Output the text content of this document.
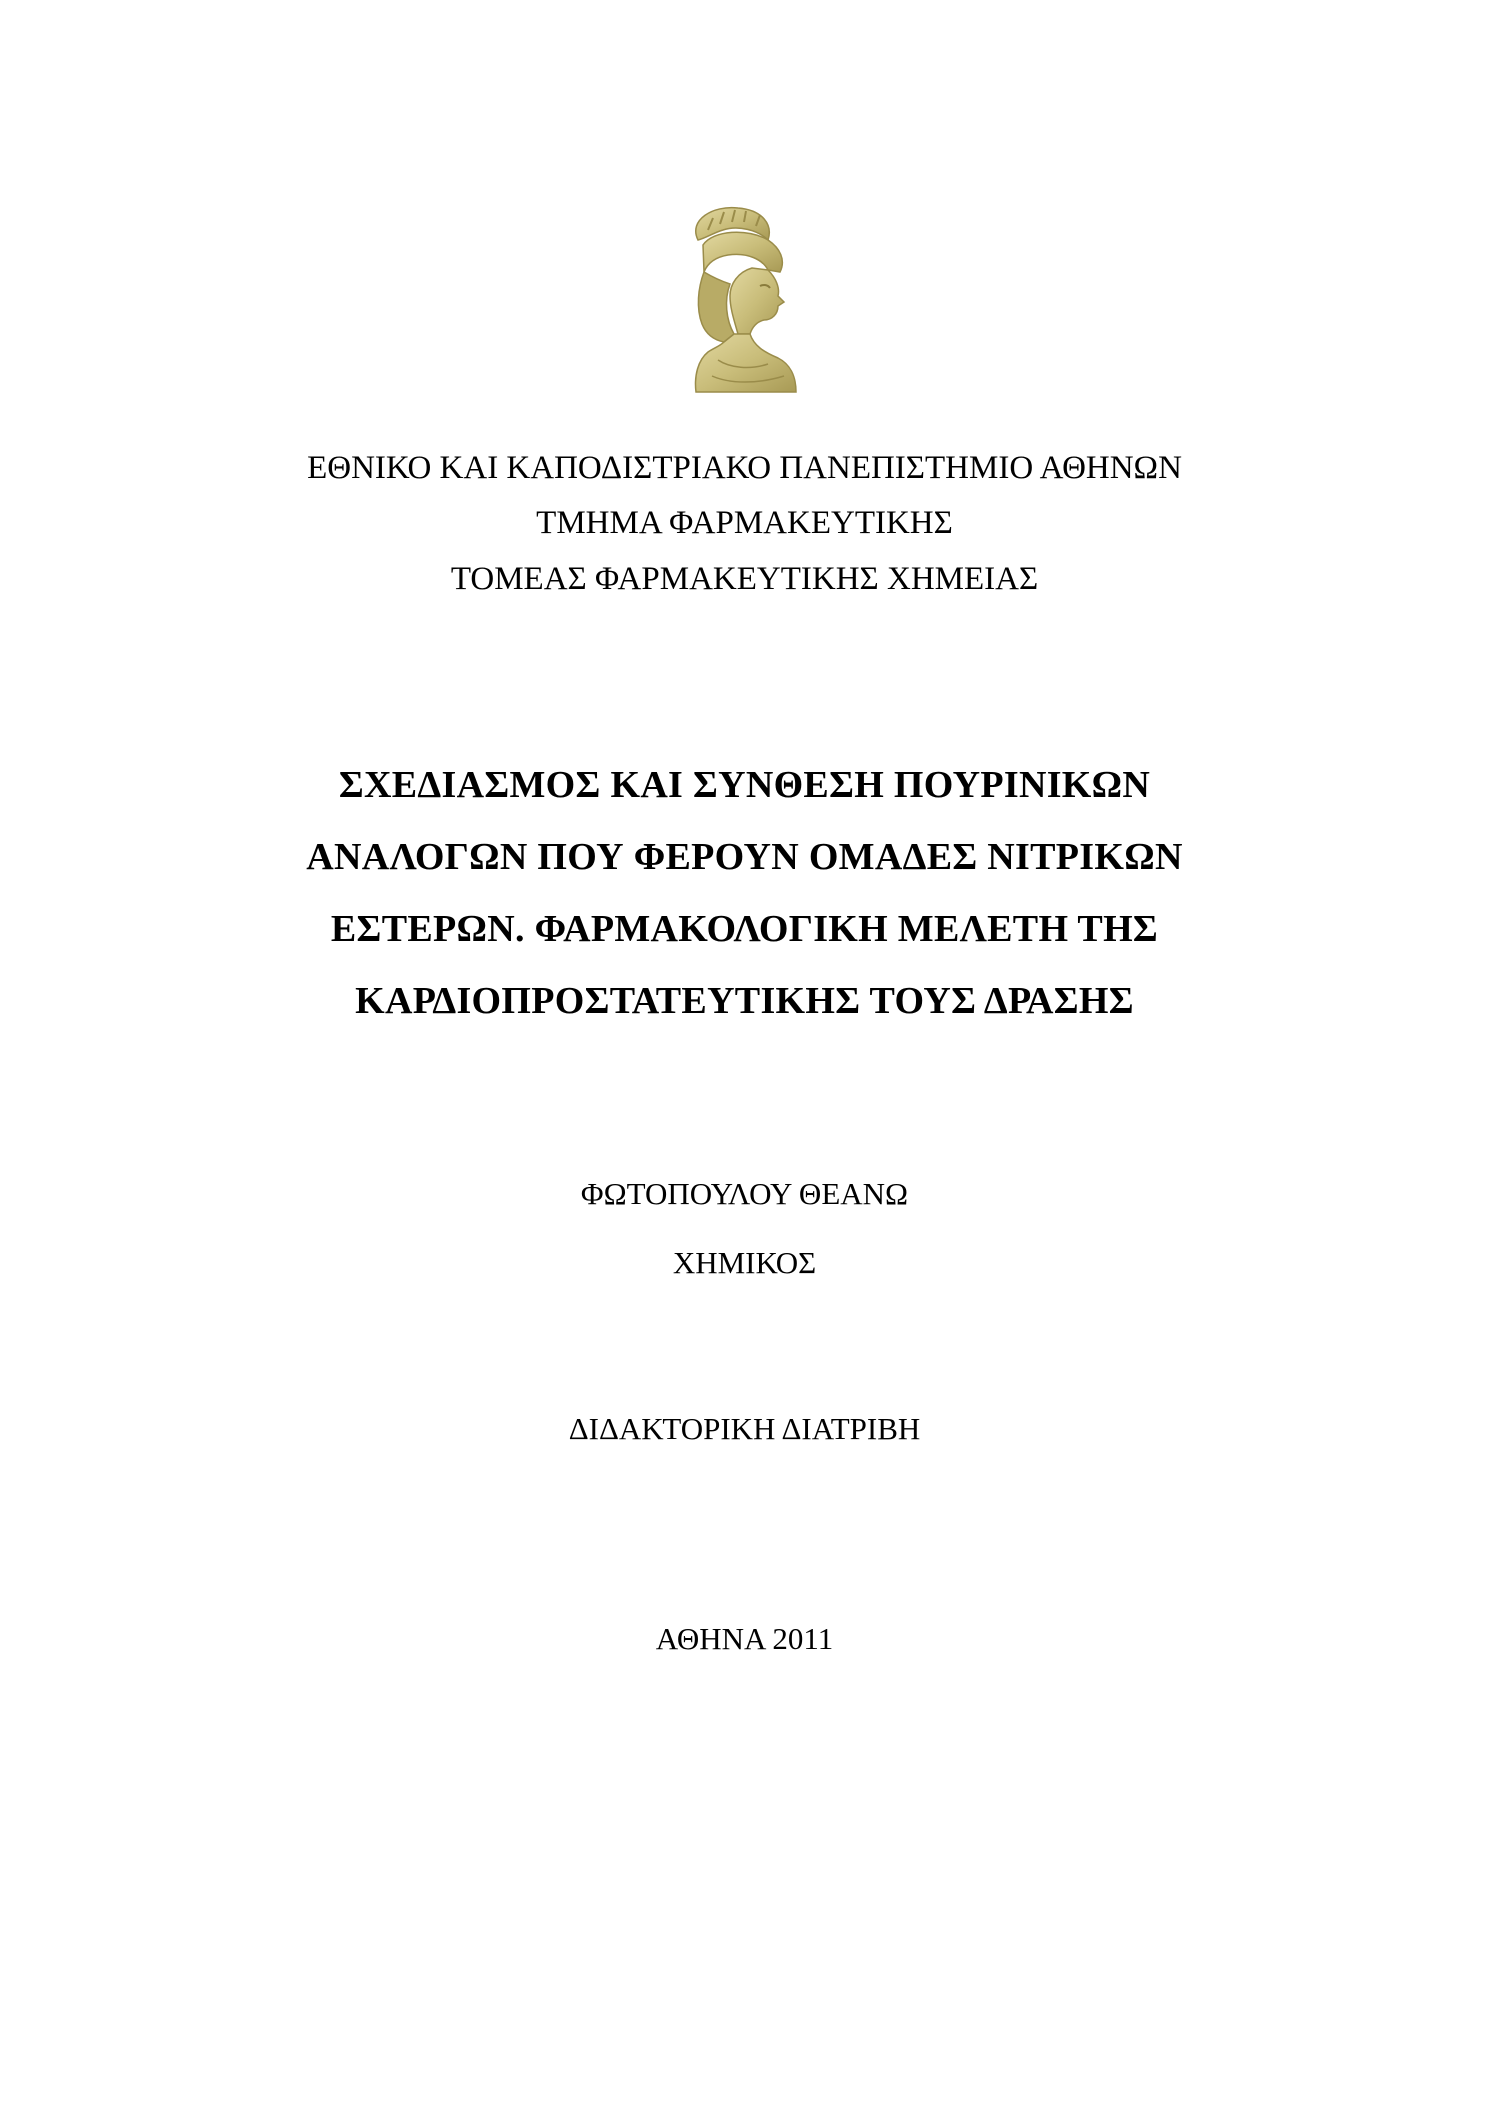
ΕΘΝΙΚΟ ΚΑΙ ΚΑΠΟΔΙΣΤΡΙΑΚΟ ΠΑΝΕΠΙΣΤΗΜΙΟ ΑΘΗΝΩΝ
ΤΜΗΜΑ ΦΑΡΜΑΚΕΥΤΙΚΗΣ
ΤΟΜΕΑΣ ΦΑΡΜΑΚΕΥΤΙΚΗΣ ΧΗΜΕΙΑΣ
ΣΧΕΔΙΑΣΜΟΣ ΚΑΙ ΣΥΝΘΕΣΗ ΠΟΥΡΙΝΙΚΩΝ
ΑΝΑΛΟΓΩΝ ΠΟΥ ΦΕΡΟΥΝ ΟΜΑΔΕΣ ΝΙΤΡΙΚΩΝ
ΕΣΤΕΡΩΝ. ΦΑΡΜΑΚΟΛΟΓΙΚΗ ΜΕΛΕΤΗ ΤΗΣ
ΚΑΡΔΙΟΠΡΟΣΤΑΤΕΥΤΙΚΗΣ ΤΟΥΣ ΔΡΑΣΗΣ
ΦΩΤΟΠΟΥΛΟΥ ΘΕΑΝΩ
ΧΗΜΙΚΟΣ
ΔΙΔΑΚΤΟΡΙΚΗ ΔΙΑΤΡΙΒΗ
ΑΘΗΝΑ 2011
